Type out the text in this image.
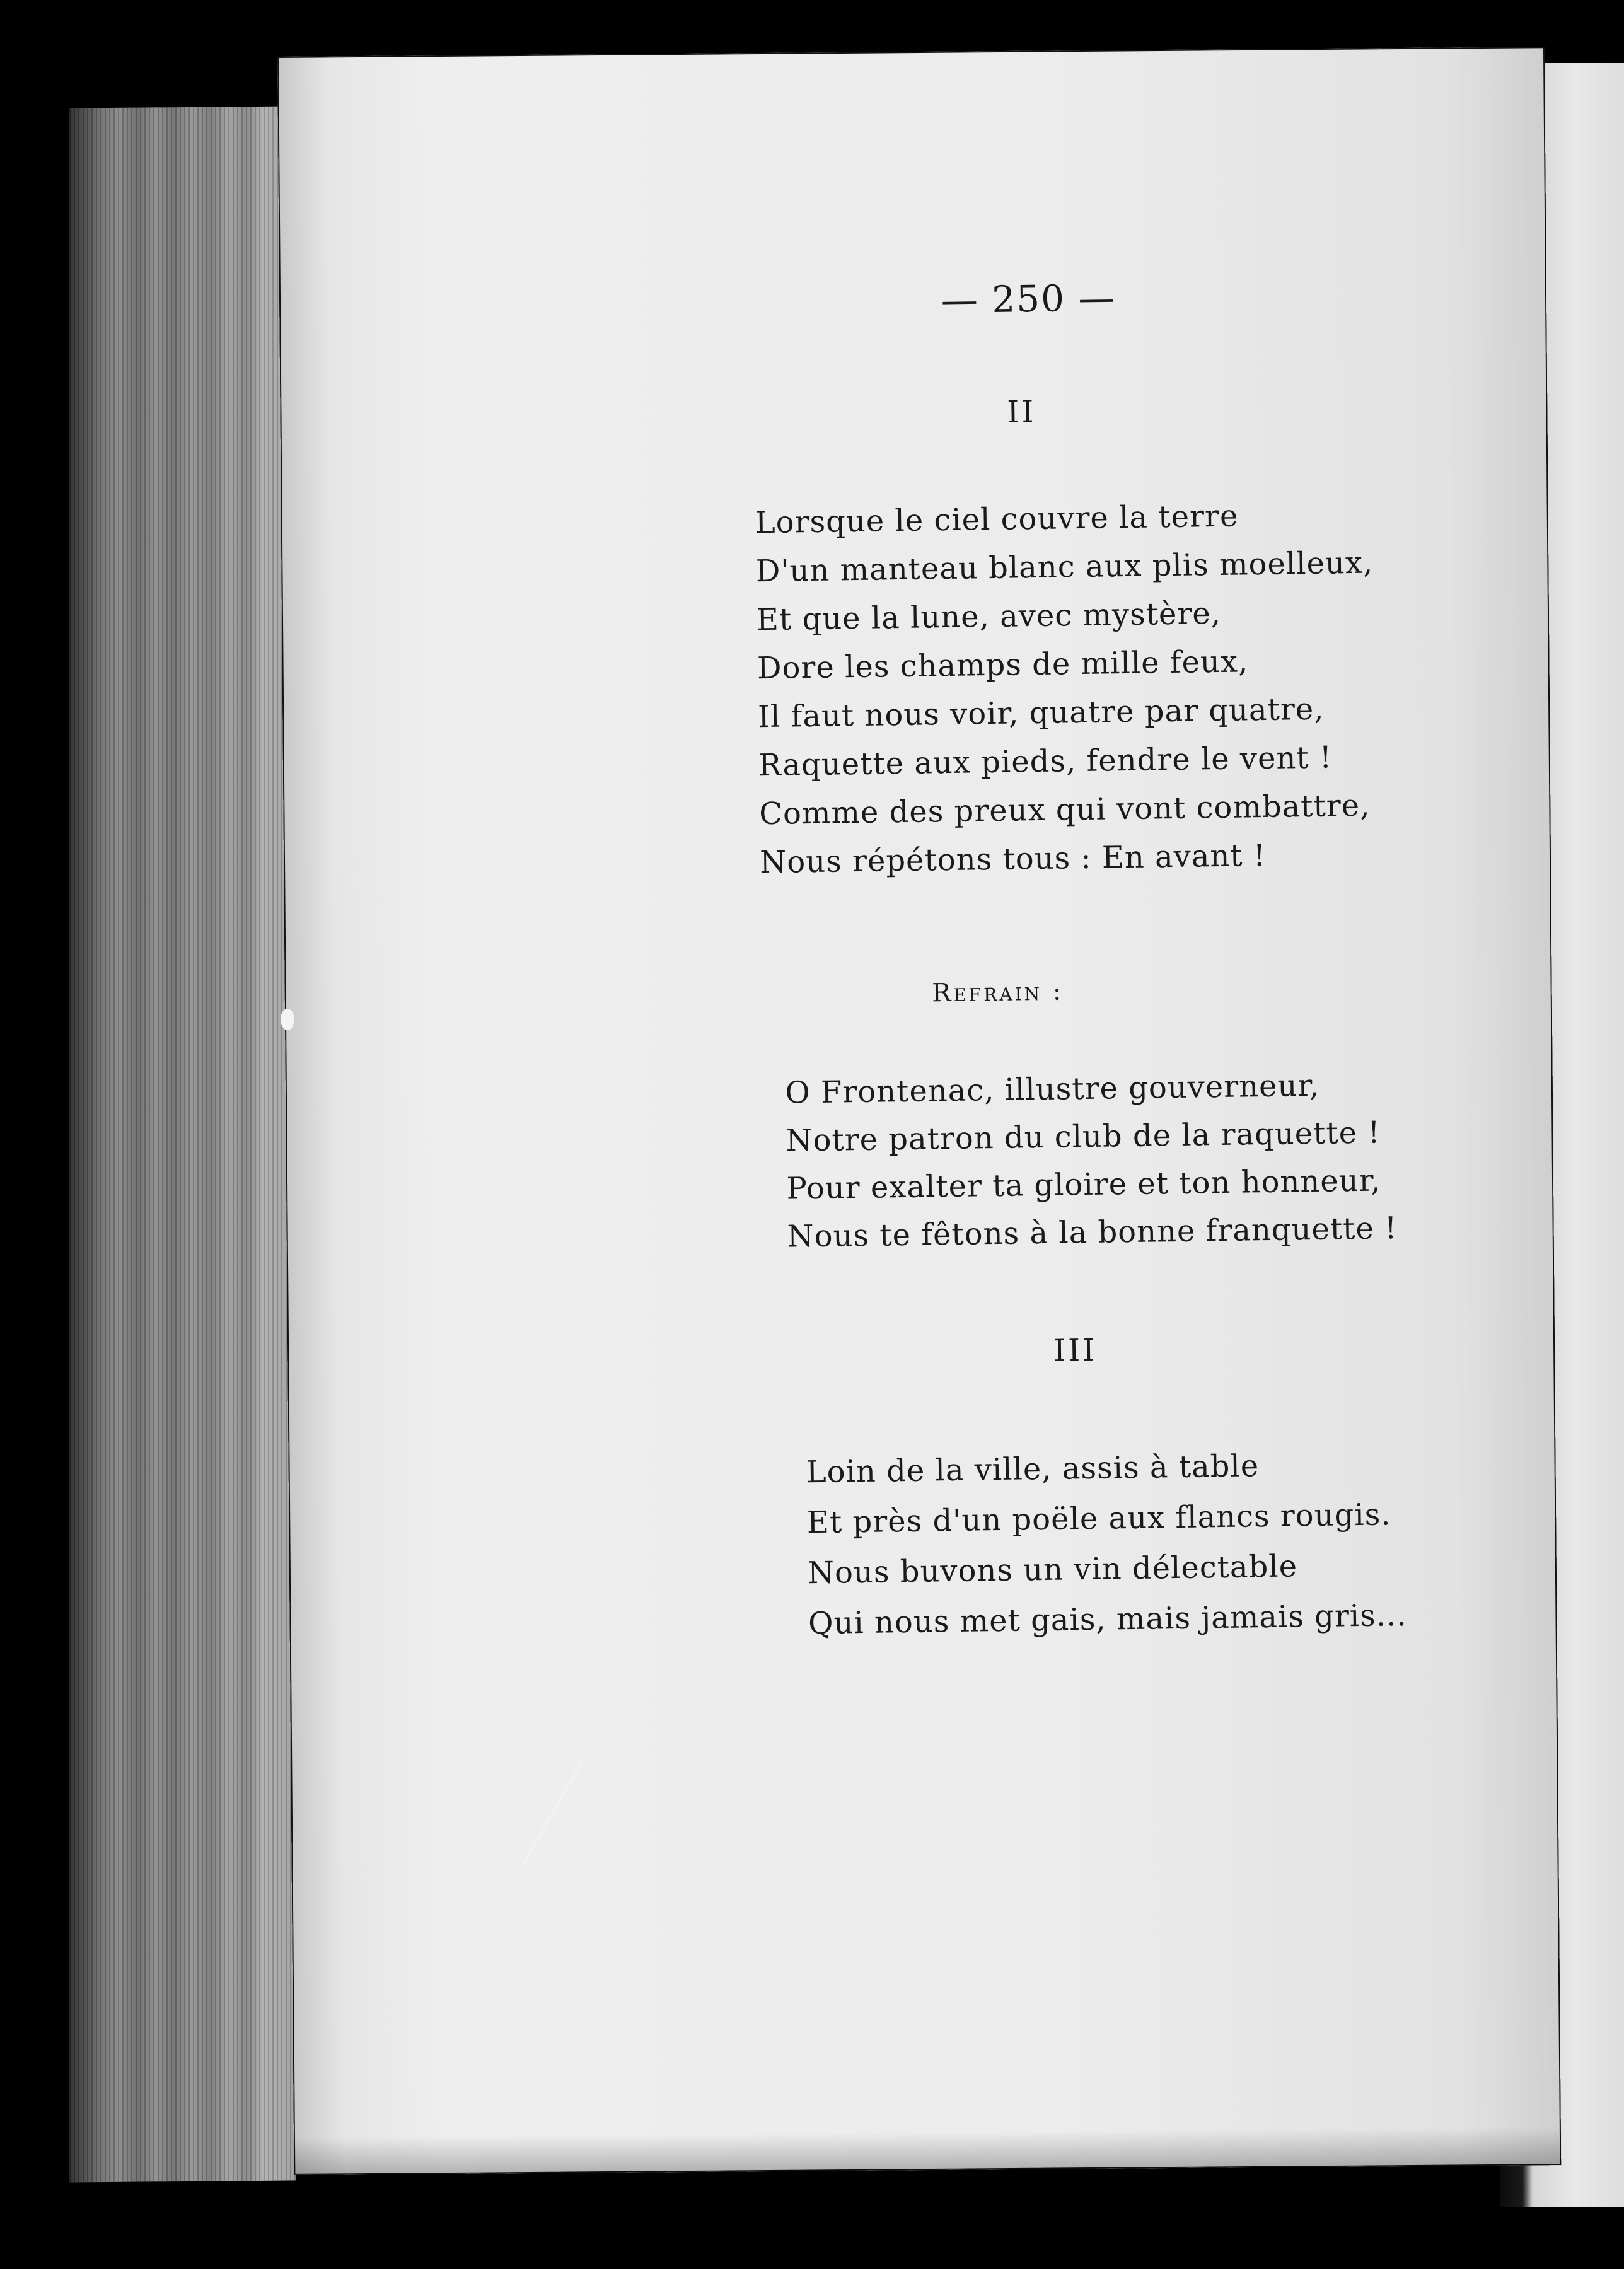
— 250 —
II
Lorsque le ciel couvre la terre
D'un manteau blanc aux plis moelleux,
Et que la lune, avec mystère,
Dore les champs de mille feux,
Il faut nous voir, quatre par quatre,
Raquette aux pieds, fendre le vent !
Comme des preux qui vont combattre,
Nous répétons tous : En avant !
Refrain :
O Frontenac, illustre gouverneur,
Notre patron du club de la raquette !
Pour exalter ta gloire et ton honneur,
Nous te fêtons à la bonne franquette !
III
Loin de la ville, assis à table
Et près d'un poële aux flancs rougis.
Nous buvons un vin délectable
Qui nous met gais, mais jamais gris...
